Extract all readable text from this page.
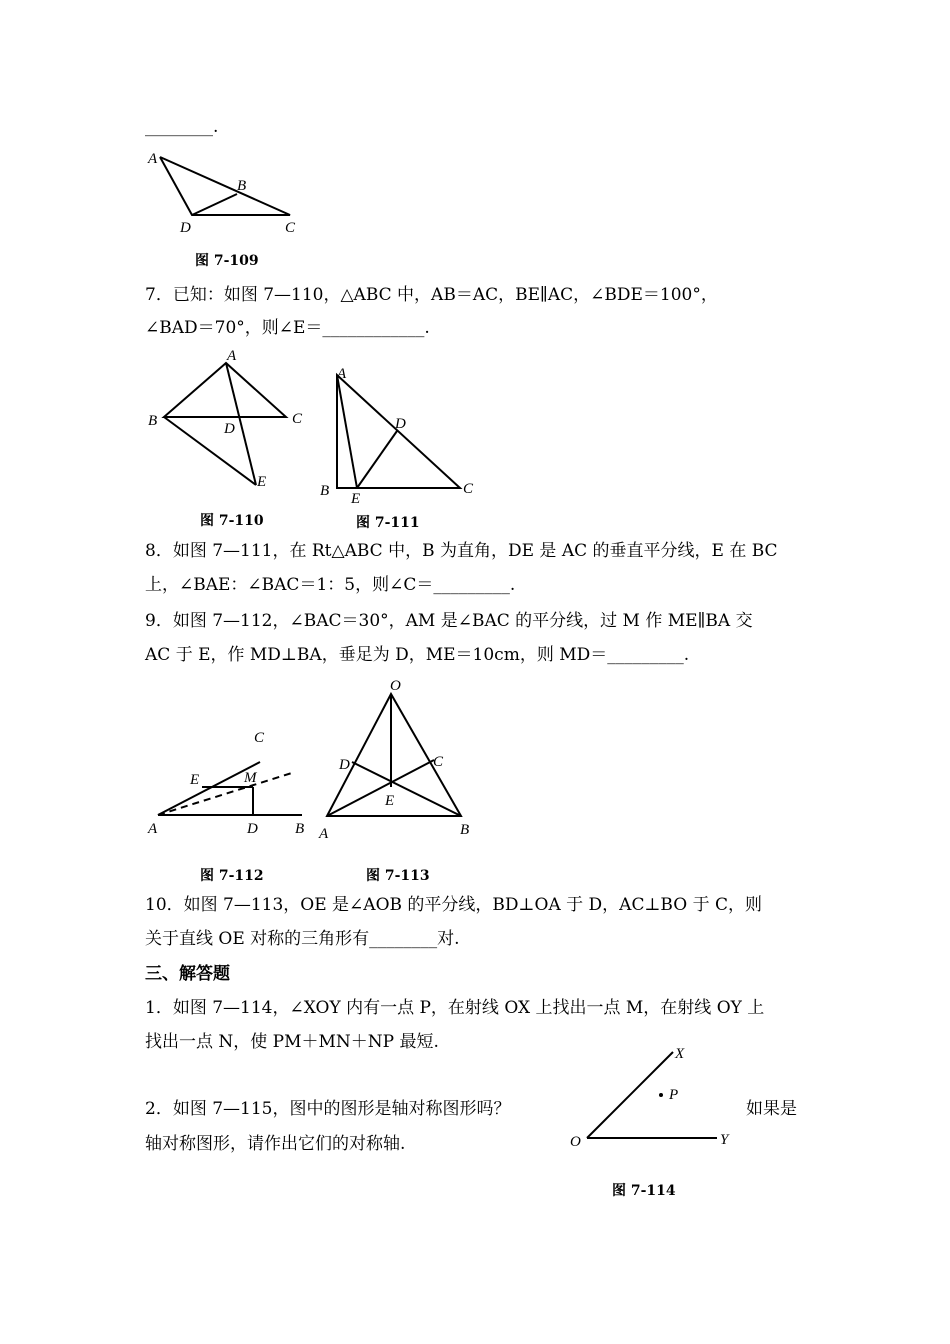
________.
A
B
D	C
图 7-109
7．已知：如图 7—110，△ABC 中，AB＝AC，BE∥AC，∠BDE＝100°，
∠BAD＝70°，则∠E＝____________.
A
B	C
D
E
图 7-110
A
B E
C
D
图 7-111
8．如图 7—111，在 Rt△ABC 中，B 为直角，DE 是 AC 的垂直平分线，E 在 BC
上，∠BAE：∠BAC＝1：5，则∠C＝_________.
9．如图 7—112，∠BAC＝30°，AM 是∠BAC 的平分线，过 M 作 ME∥BA 交
AC 于 E，作 MD⊥BA，垂足为 D，ME＝10cm，则 MD＝_________.
C
E	M
A	D B
图 7-112
O
D	C
E
A	B
图 7-113
10．如图 7—113，OE 是∠AOB 的平分线，BD⊥OA 于 D，AC⊥BO 于 C，则
关于直线 OE 对称的三角形有________对.
三、解答题
1．如图 7—114，∠XOY 内有一点 P，在射线 OX 上找出一点 M，在射线 OY 上
找出一点 N，使 PM＋MN＋NP 最短.
2．如图 7—115，图中的图形是轴对称图形吗？	如果是
轴对称图形，请作出它们的对称轴.
X
P
O	Y
图 7-114
